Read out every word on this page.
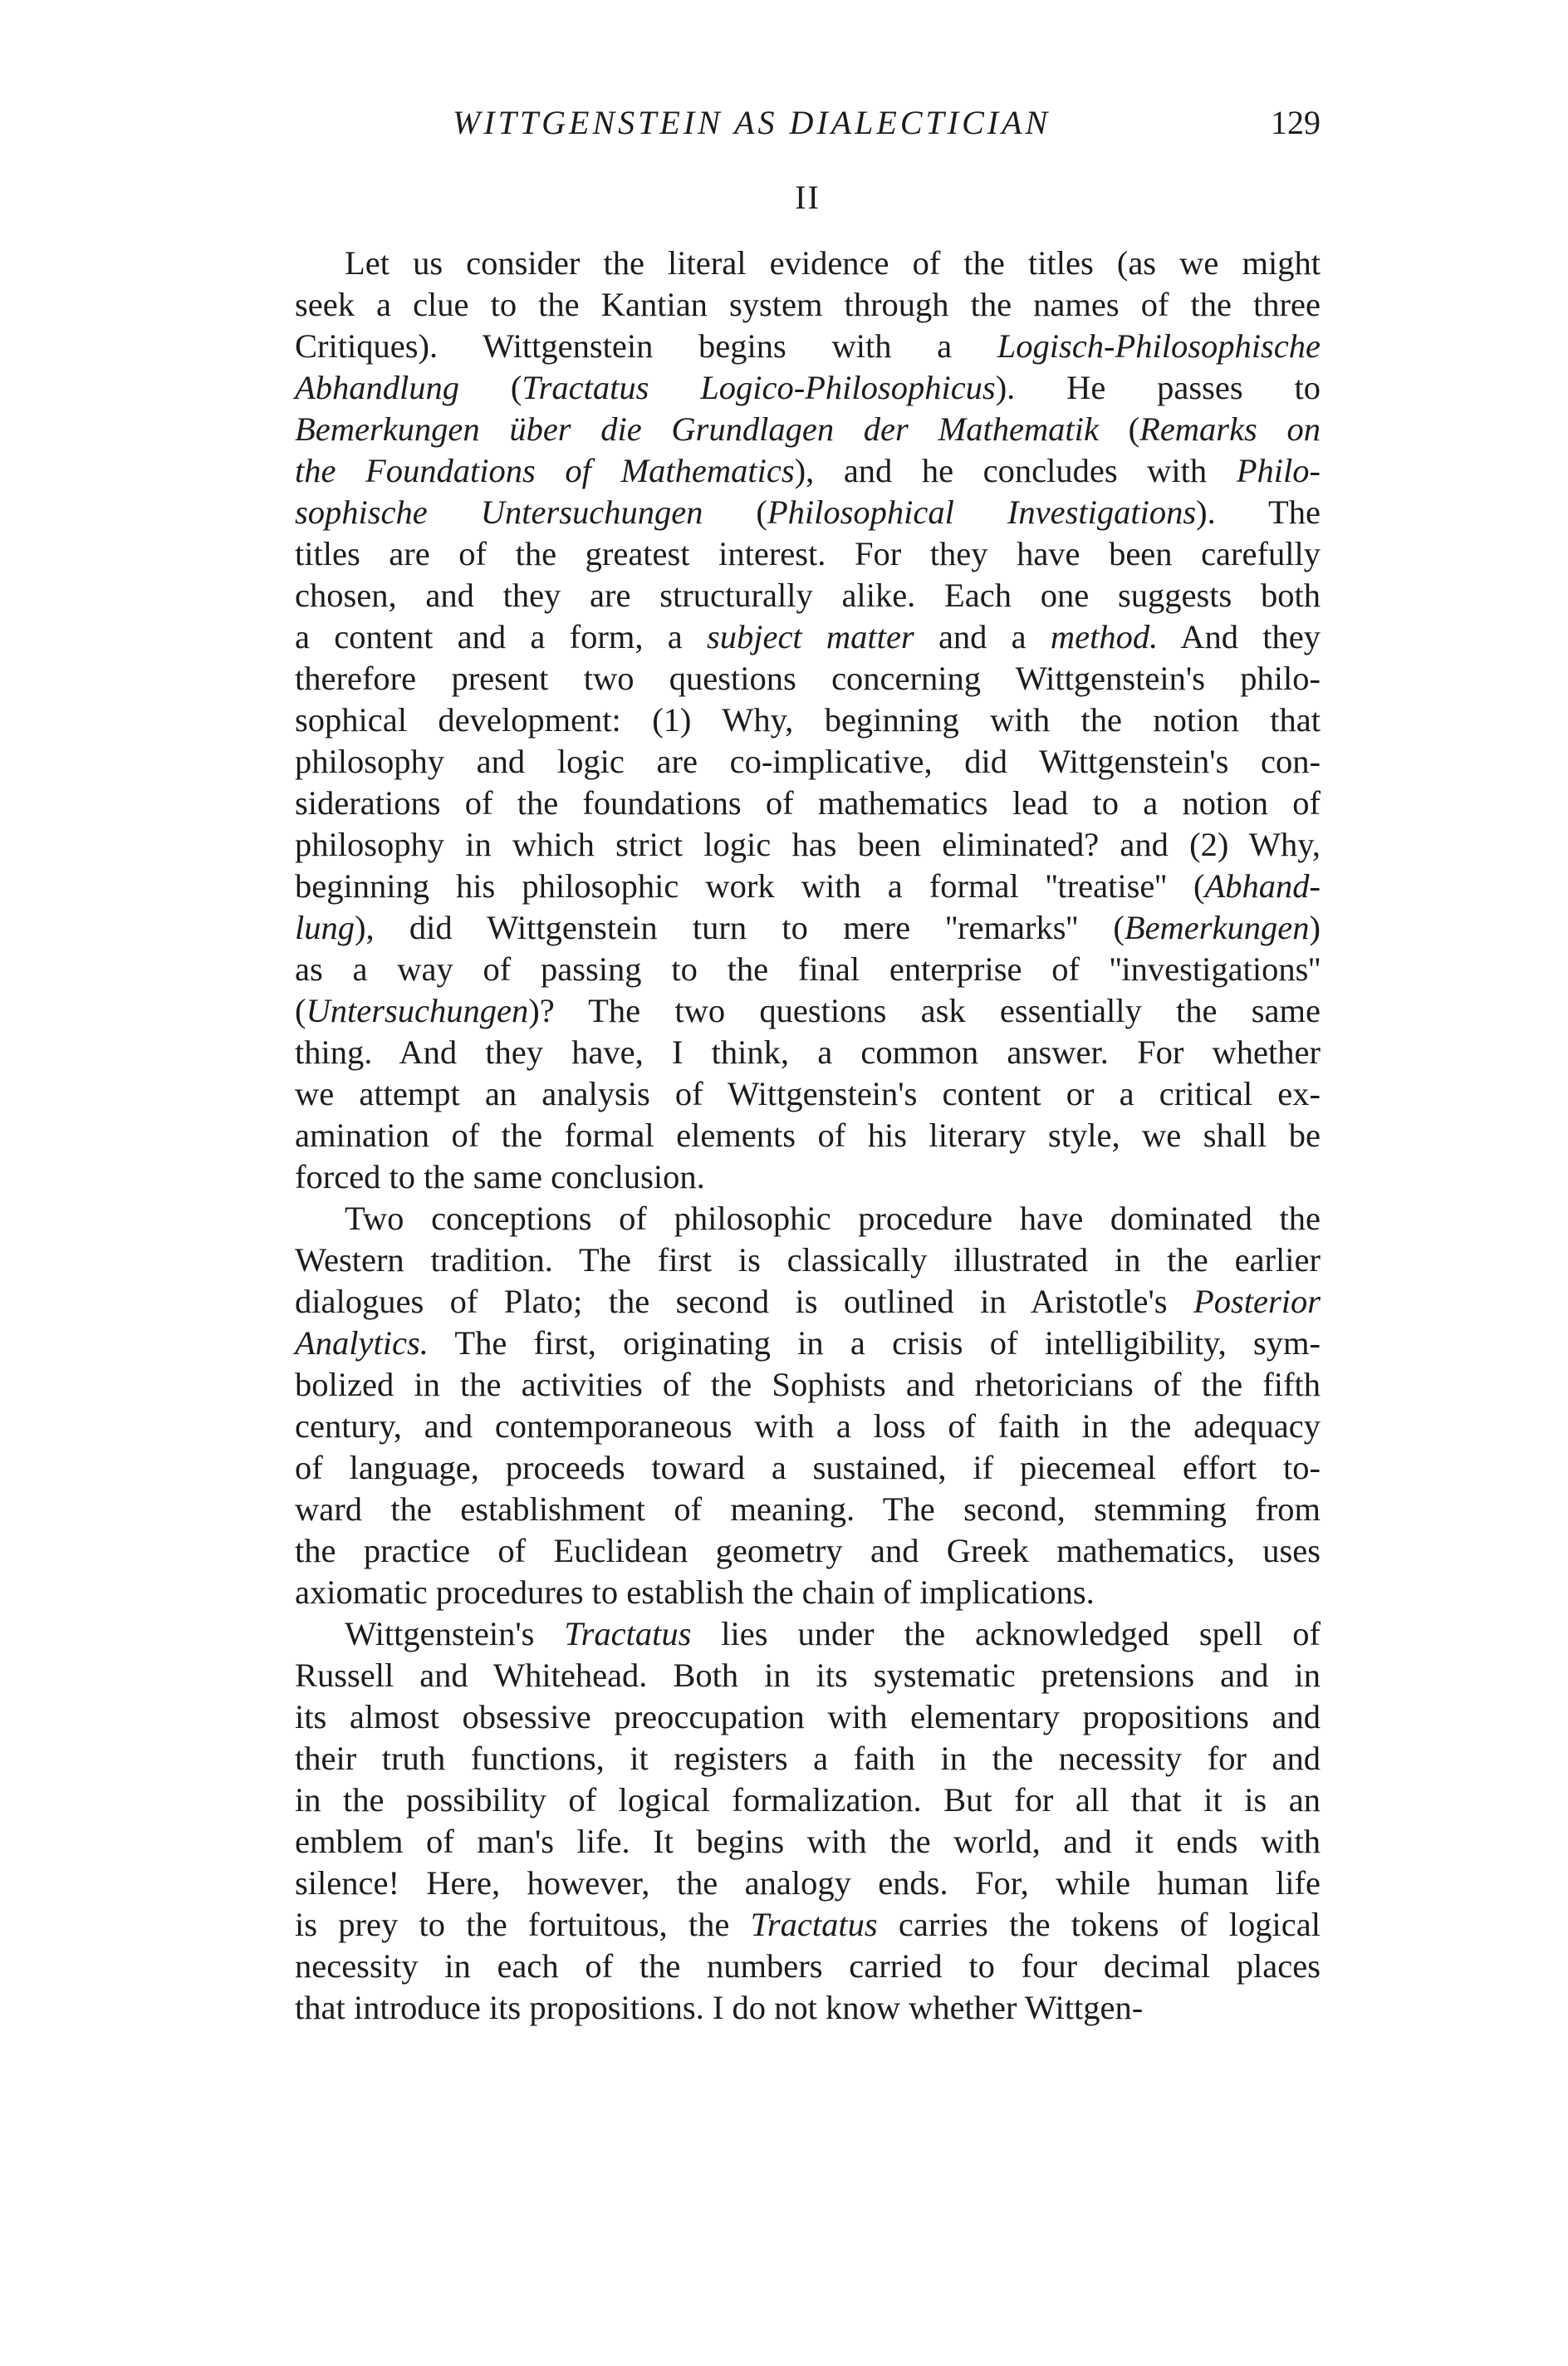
WITTGENSTEIN AS DIALECTICIAN	129
II
Let us consider the literal evidence of the titles (as we might
seek a clue to the Kantian system through the names of the three
Critiques). Wittgenstein begins with a Logisch-Philosophische
Abhandlung (Tractatus Logico-Philosophicus). He passes to
Bemerkungen über die Grundlagen der Mathematik (Remarks on
the Foundations of Mathematics), and he concludes with Philo-
sophische Untersuchungen (Philosophical Investigations). The
titles are of the greatest interest. For they have been carefully
chosen, and they are structurally alike. Each one suggests both
a content and a form, a subject matter and a method. And they
therefore present two questions concerning Wittgenstein's philo-
sophical development: (1) Why, beginning with the notion that
philosophy and logic are co-implicative, did Wittgenstein's con-
siderations of the foundations of mathematics lead to a notion of
philosophy in which strict logic has been eliminated? and (2) Why,
beginning his philosophic work with a formal ''treatise'' (Abhand-
lung), did Wittgenstein turn to mere ''remarks'' (Bemerkungen)
as a way of passing to the final enterprise of ''investigations''
(Untersuchungen)? The two questions ask essentially the same
thing. And they have, I think, a common answer. For whether
we attempt an analysis of Wittgenstein's content or a critical ex-
amination of the formal elements of his literary style, we shall be
forced to the same conclusion.
Two conceptions of philosophic procedure have dominated the
Western tradition. The first is classically illustrated in the earlier
dialogues of Plato; the second is outlined in Aristotle's Posterior
Analytics. The first, originating in a crisis of intelligibility, sym-
bolized in the activities of the Sophists and rhetoricians of the fifth
century, and contemporaneous with a loss of faith in the adequacy
of language, proceeds toward a sustained, if piecemeal effort to-
ward the establishment of meaning. The second, stemming from
the practice of Euclidean geometry and Greek mathematics, uses
axiomatic procedures to establish the chain of implications.
Wittgenstein's Tractatus lies under the acknowledged spell of
Russell and Whitehead. Both in its systematic pretensions and in
its almost obsessive preoccupation with elementary propositions and
their truth functions, it registers a faith in the necessity for and
in the possibility of logical formalization. But for all that it is an
emblem of man's life. It begins with the world, and it ends with
silence! Here, however, the analogy ends. For, while human life
is prey to the fortuitous, the Tractatus carries the tokens of logical
necessity in each of the numbers carried to four decimal places
that introduce its propositions. I do not know whether Wittgen-
